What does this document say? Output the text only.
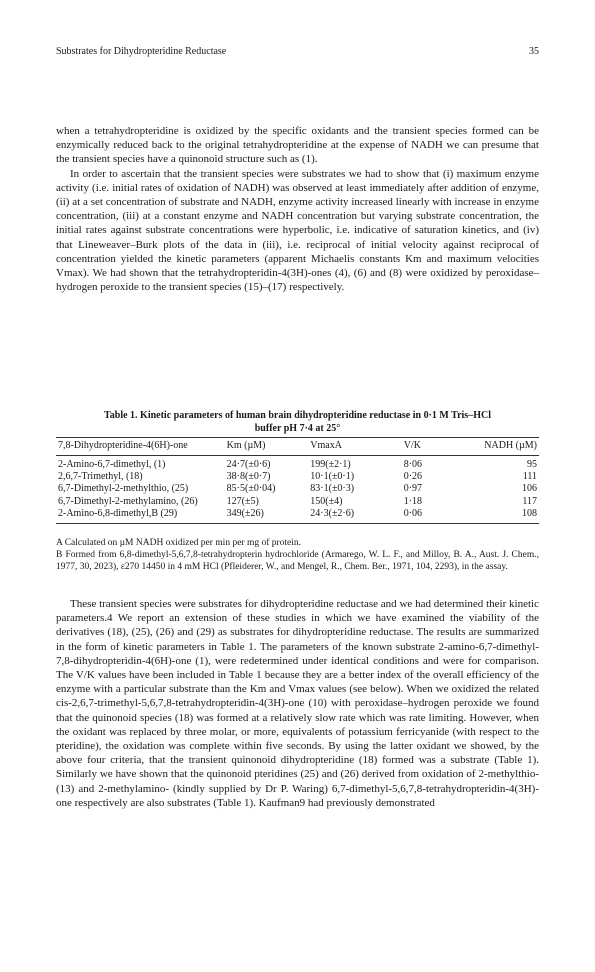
Substrates for Dihydropteridine Reductase	35

when a tetrahydropteridine is oxidized by the specific oxidants and the transient species formed can be enzymically reduced back to the original tetrahydropteridine at the expense of NADH we can presume that the transient species have a quinonoid structure such as (1).

In order to ascertain that the transient species were substrates we had to show that (i) maximum enzyme activity (i.e. initial rates of oxidation of NADH) was observed at least immediately after addition of enzyme, (ii) at a set concentration of substrate and NADH, enzyme activity increased linearly with increase in enzyme concentration, (iii) at a constant enzyme and NADH concentration but varying substrate concentration, the initial rates against substrate concentrations were hyperbolic, i.e. indicative of saturation kinetics, and (iv) that Lineweaver–Burk plots of the data in (iii), i.e. reciprocal of initial velocity against reciprocal of concentration yielded the kinetic parameters (apparent Michaelis constants Km and maximum velocities Vmax). We had shown that the tetrahydropteridin-4(3H)-ones (4), (6) and (8) were oxidized by peroxidase–hydrogen peroxide to the transient species (15)–(17) respectively.

Table 1. Kinetic parameters of human brain dihydropteridine reductase in 0·1 M Tris–HCl
buffer pH 7·4 at 25°
7,8-Dihydropteridine-4(6H)-one	Km (µM)	VmaxA	V/K	NADH (µM)
2-Amino-6,7-dimethyl, (1)	24·7(±0·6)	199(±2·1)	8·06	95
2,6,7-Trimethyl, (18)	38·8(±0·7)	10·1(±0·1)	0·26	111
6,7-Dimethyl-2-methylthio, (25)	85·5(±0·04)	83·1(±0·3)	0·97	106
6,7-Dimethyl-2-methylamino, (26)	127(±5)	150(±4)	1·18	117
2-Amino-6,8-dimethyl,B (29)	349(±26)	24·3(±2·6)	0·06	108

A Calculated on µM NADH oxidized per min per mg of protein.

B Formed from 6,8-dimethyl-5,6,7,8-tetrahydropterin hydrochloride (Armarego, W. L. F., and Milloy, B. A., Aust. J. Chem., 1977, 30, 2023), ε270 14450 in 4 mM HCl (Pfleiderer, W., and Mengel, R., Chem. Ber., 1971, 104, 2293), in the assay.

These transient species were substrates for dihydropteridine reductase and we had determined their kinetic parameters.4 We report an extension of these studies in which we have examined the viability of the derivatives (18), (25), (26) and (29) as substrates for dihydropteridine reductase. The results are summarized in the form of kinetic parameters in Table 1. The parameters of the known substrate 2-amino-6,7-dimethyl-7,8-dihydropteridin-4(6H)-one (1), were redetermined under identical conditions and were for comparison. The V/K values have been included in Table 1 because they are a better index of the overall efficiency of the enzyme with a particular substrate than the Km and Vmax values (see below). When we oxidized the related cis-2,6,7-trimethyl-5,6,7,8-tetrahydropteridin-4(3H)-one (10) with peroxidase–hydrogen peroxide we found that the quinonoid species (18) was formed at a relatively slow rate which was rate limiting. However, when the oxidant was replaced by three molar, or more, equivalents of potassium ferricyanide (with respect to the pteridine), the oxidation was complete within five seconds. By using the latter oxidant we showed, by the above four criteria, that the transient quinonoid dihydropteridine (18) formed was a substrate (Table 1). Similarly we have shown that the quinonoid pteridines (25) and (26) derived from oxidation of 2-methylthio- (13) and 2-methylamino- (kindly supplied by Dr P. Waring) 6,7-dimethyl-5,6,7,8-tetrahydropteridin-4(3H)-one respectively are also substrates (Table 1). Kaufman9 had previously demonstrated
